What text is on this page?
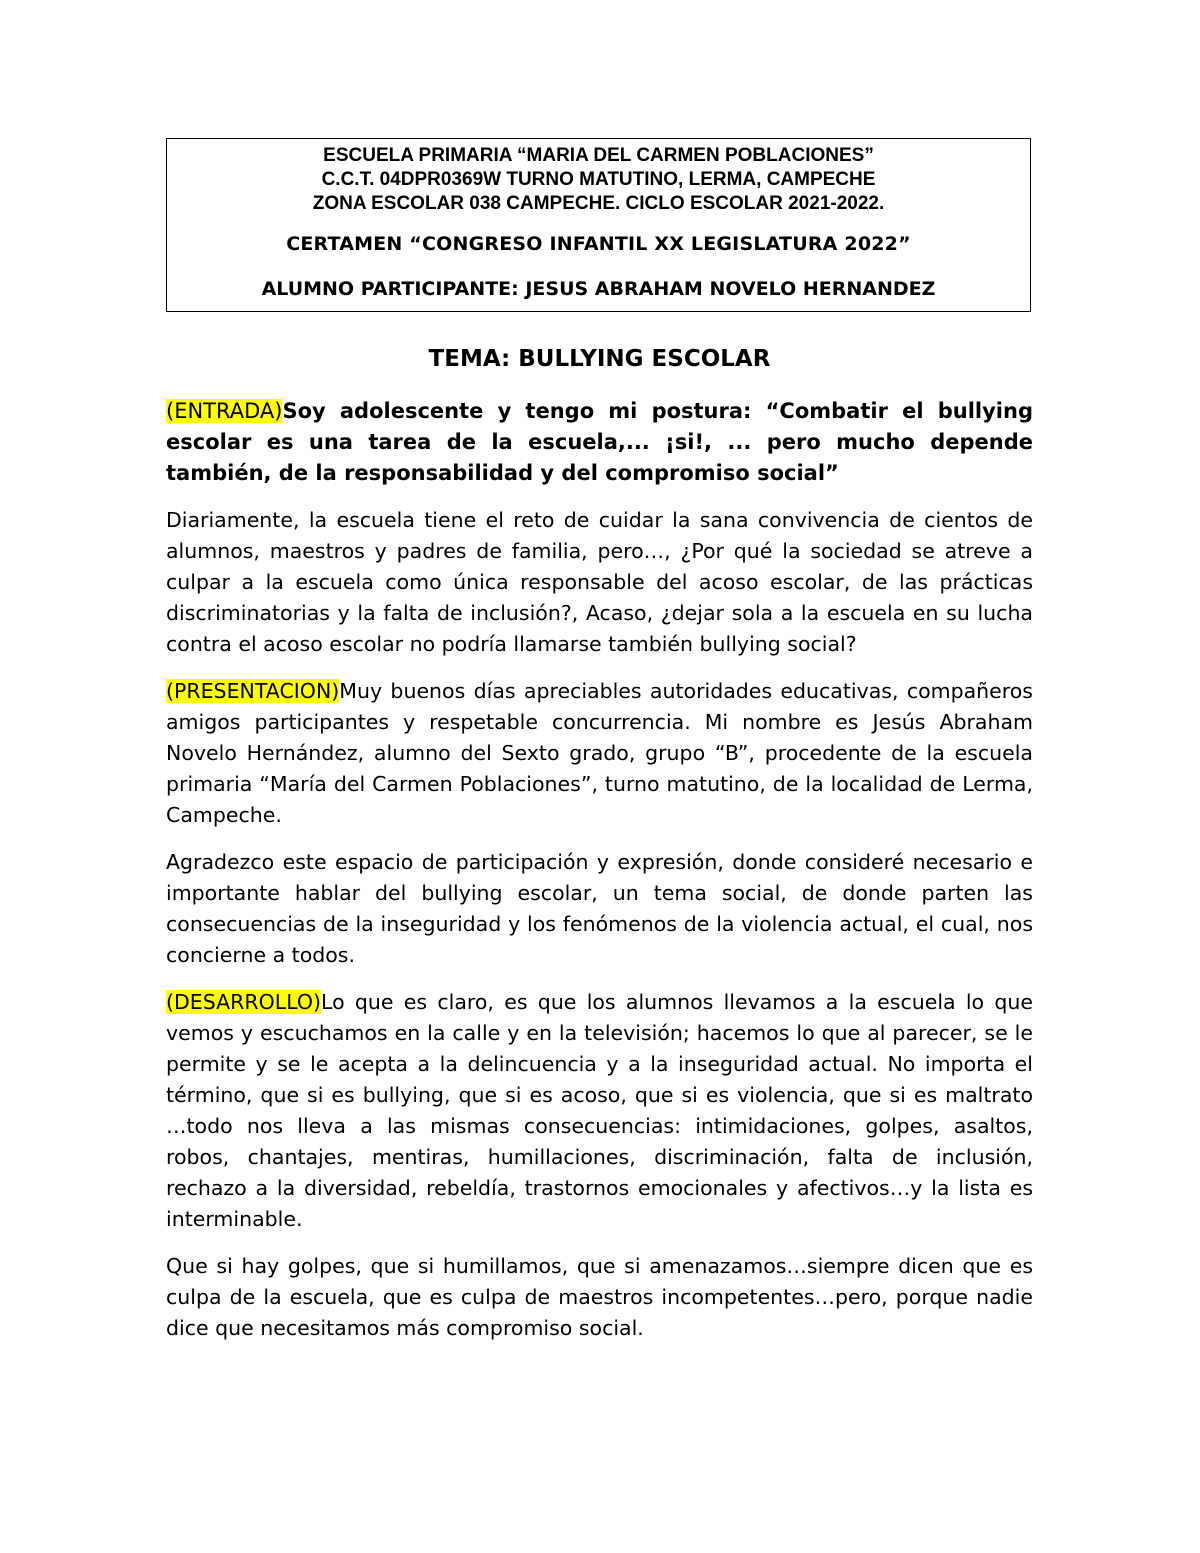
ESCUELA PRIMARIA “MARIA DEL CARMEN POBLACIONES”
C.C.T. 04DPR0369W TURNO MATUTINO, LERMA, CAMPECHE
ZONA ESCOLAR 038 CAMPECHE. CICLO ESCOLAR 2021-2022.
CERTAMEN “CONGRESO INFANTIL XX LEGISLATURA 2022”
ALUMNO PARTICIPANTE: JESUS ABRAHAM NOVELO HERNANDEZ
TEMA: BULLYING ESCOLAR

(ENTRADA)Soy adolescente y tengo mi postura: “Combatir el bullying escolar es una tarea de la escuela,... ¡si!, ... pero mucho depende también, de la responsabilidad y del compromiso social”

Diariamente, la escuela tiene el reto de cuidar la sana convivencia de cientos de alumnos, maestros y padres de familia, pero…, ¿Por qué la sociedad se atreve a culpar a la escuela como única responsable del acoso escolar, de las prácticas discriminatorias y la falta de inclusión?, Acaso, ¿dejar sola a la escuela en su lucha contra el acoso escolar no podría llamarse también bullying social?

(PRESENTACION)Muy buenos días apreciables autoridades educativas, compañeros amigos participantes y respetable concurrencia. Mi nombre es Jesús Abraham Novelo Hernández, alumno del Sexto grado, grupo “B”, procedente de la escuela primaria “María del Carmen Poblaciones”, turno matutino, de la localidad de Lerma, Campeche.

Agradezco este espacio de participación y expresión, donde consideré necesario e importante hablar del bullying escolar, un tema social, de donde parten las consecuencias de la inseguridad y los fenómenos de la violencia actual, el cual, nos concierne a todos.

(DESARROLLO)Lo que es claro, es que los alumnos llevamos a la escuela lo que vemos y escuchamos en la calle y en la televisión; hacemos lo que al parecer, se le permite y se le acepta a la delincuencia y a la inseguridad actual. No importa el término, que si es bullying, que si es acoso, que si es violencia, que si es maltrato …todo nos lleva a las mismas consecuencias: intimidaciones, golpes, asaltos, robos, chantajes, mentiras, humillaciones, discriminación, falta de inclusión, rechazo a la diversidad, rebeldía, trastornos emocionales y afectivos…y la lista es interminable.

Que si hay golpes, que si humillamos, que si amenazamos…siempre dicen que es culpa de la escuela, que es culpa de maestros incompetentes…pero, porque nadie dice que necesitamos más compromiso social.
